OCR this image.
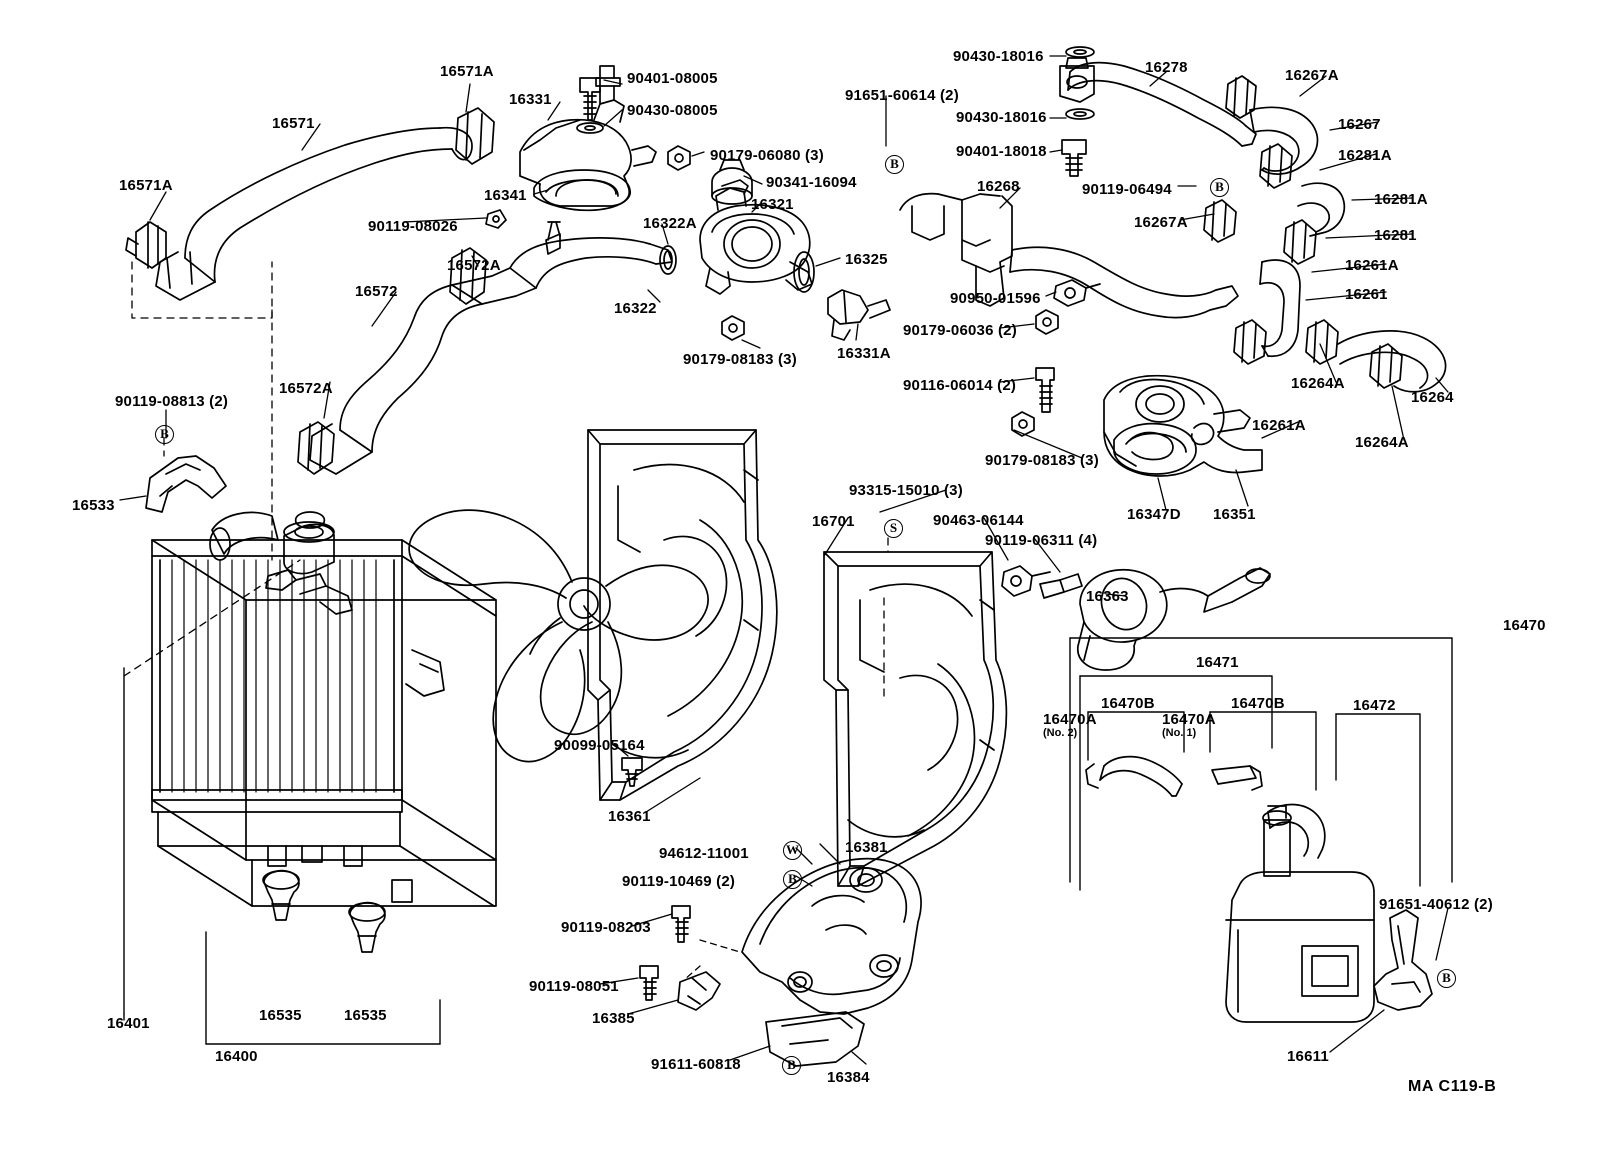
16571A	90401-08005
90430-18016
16278	16267A
16331
90430-08005
91651-60614 (2)
16571	90430-18016	16267
90179-06080 (3)	90401-18018	16281A
16571A
16341
90341-16094	16268	90119-06494
16321	16281A
16322A
90119-08026	16267A
16281
16572A	16325	16261A
16572
16322
90950-01596	16261
90179-06036 (2)
90179-08183 (3)	16331A
16264A
16572A	90116-06014 (2)
16264
90119-08813 (2)
16261A
16264A
90179-08183 (3)
16533
93315-15010 (3)
16347D 16351
16701	90463-06144
90119-06311 (4)
16363
16470
16471
16470B	16470B	16472
90099-05164
16361
94612-11001	16381
90119-10469 (2)
90119-08203
91651-40612 (2)
90119-08051
16535	16535	16385
16401
16400	91611-60818
16384
16611
16470A
(No. 2)
16470A
(No. 1)
B
B
B
S
W
B
B
B
MA C119-B
